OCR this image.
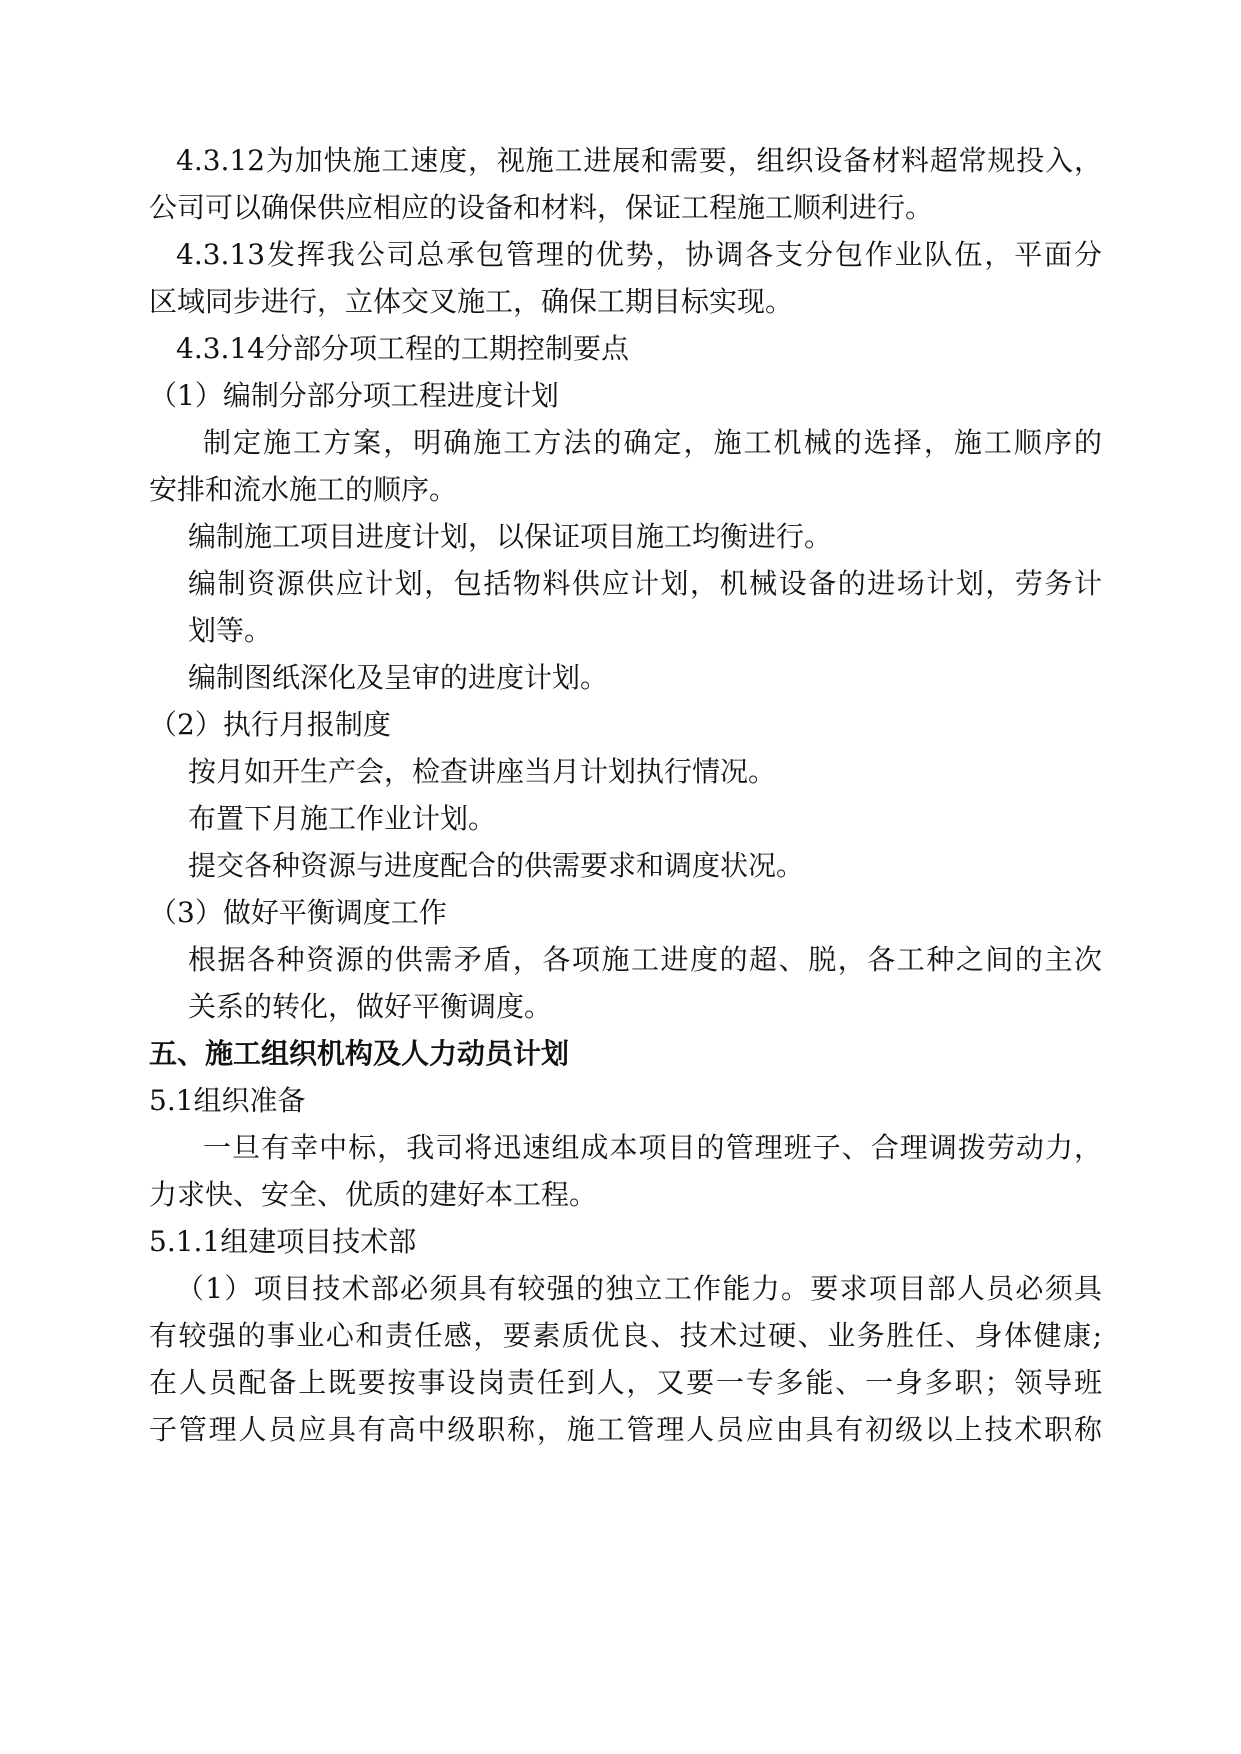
4.3.12为加快施工速度，视施工进展和需要，组织设备材料超常规投入，
公司可以确保供应相应的设备和材料，保证工程施工顺利进行。
4.3.13发挥我公司总承包管理的优势，协调各支分包作业队伍，平面分
区域同步进行，立体交叉施工，确保工期目标实现。
4.3.14分部分项工程的工期控制要点
（1）编制分部分项工程进度计划
制定施工方案，明确施工方法的确定，施工机械的选择，施工顺序的
安排和流水施工的顺序。
编制施工项目进度计划，以保证项目施工均衡进行。
编制资源供应计划，包括物料供应计划，机械设备的进场计划，劳务计
划等。
编制图纸深化及呈审的进度计划。
（2）执行月报制度
按月如开生产会，检查讲座当月计划执行情况。
布置下月施工作业计划。
提交各种资源与进度配合的供需要求和调度状况。
（3）做好平衡调度工作
根据各种资源的供需矛盾，各项施工进度的超、脱，各工种之间的主次
关系的转化，做好平衡调度。
五、施工组织机构及人力动员计划
5.1组织准备
一旦有幸中标，我司将迅速组成本项目的管理班子、合理调拨劳动力，
力求快、安全、优质的建好本工程。
5.1.1组建项目技术部
（1）项目技术部必须具有较强的独立工作能力。要求项目部人员必须具
有较强的事业心和责任感，要素质优良、技术过硬、业务胜任、身体健康;
在人员配备上既要按事设岗责任到人，又要一专多能、一身多职；领导班
子管理人员应具有高中级职称，施工管理人员应由具有初级以上技术职称
